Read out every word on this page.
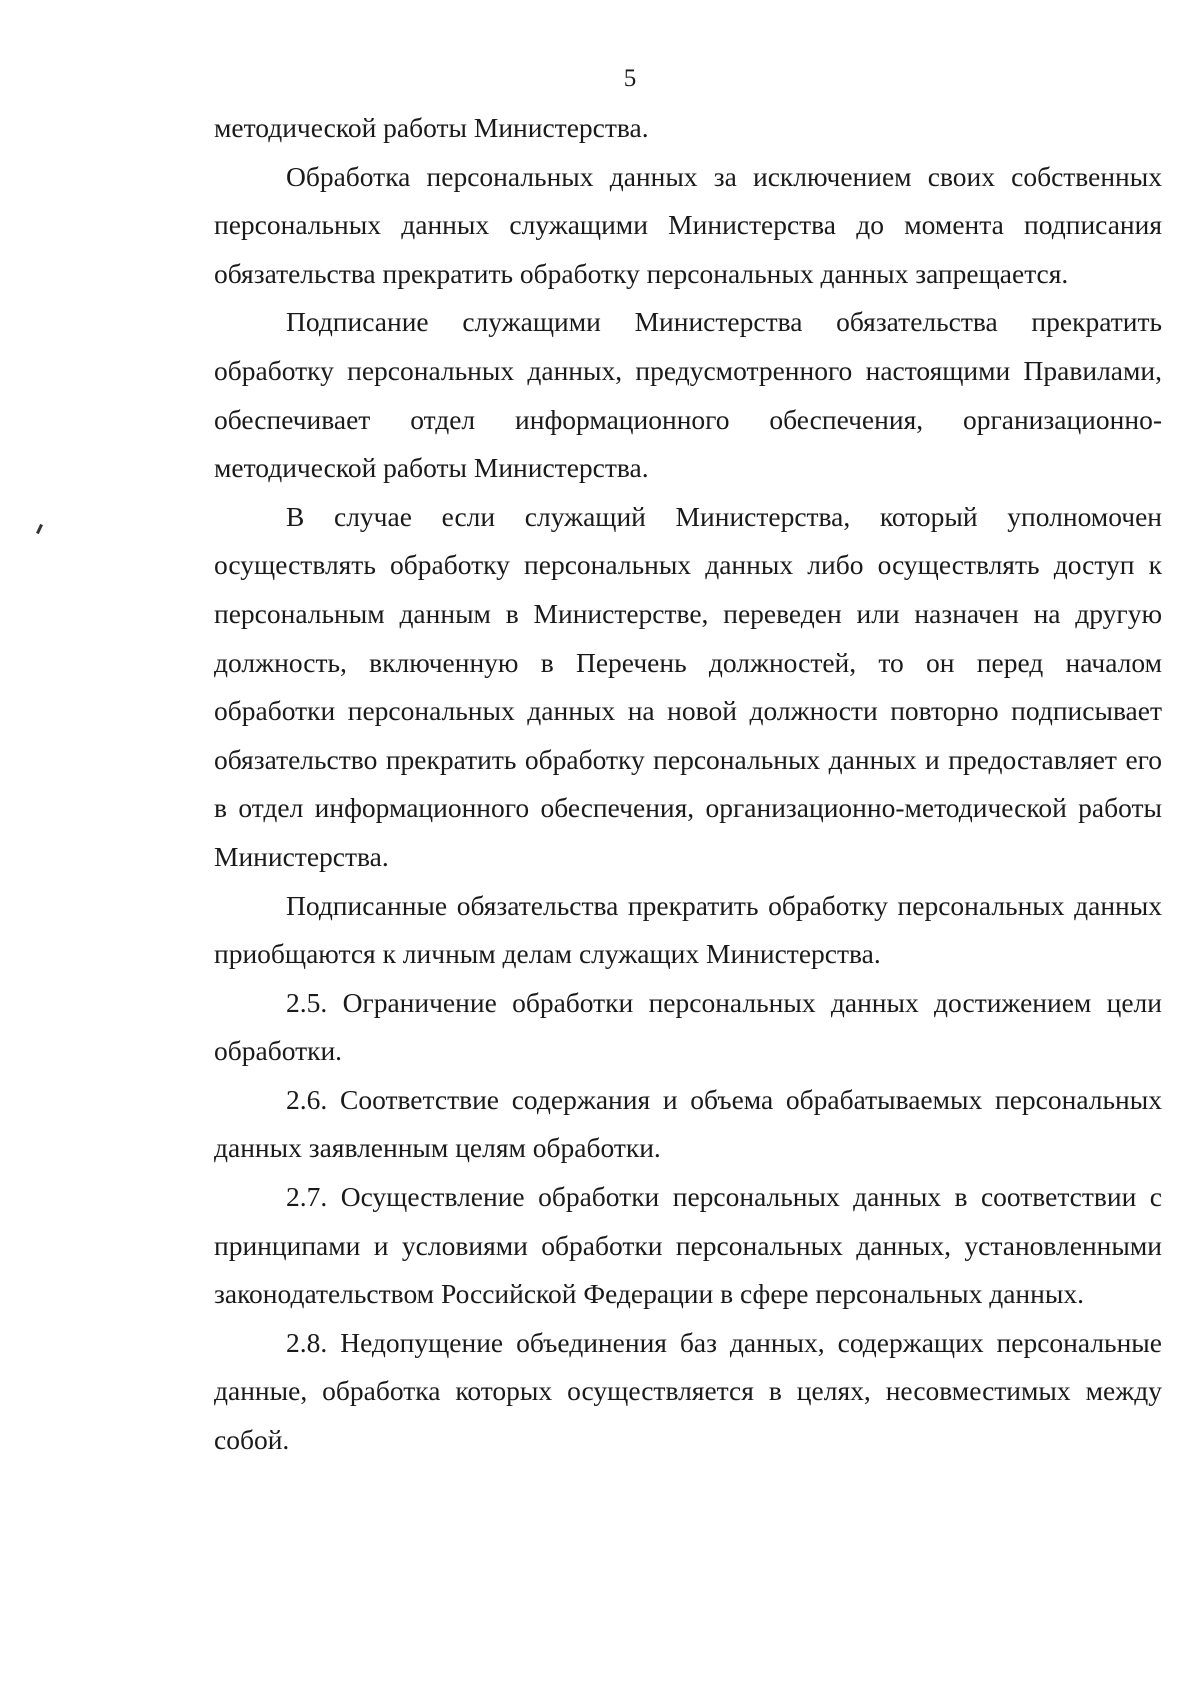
5

методической работы Министерства.

Обработка персональных данных за исключением своих собственных персональных данных служащими Министерства до момента подписания обязательства прекратить обработку персональных данных запрещается.

Подписание служащими Министерства обязательства прекратить обработку персональных данных, предусмотренного настоящими Правилами, обеспечивает отдел информационного обеспечения, организационно-методической работы Министерства.

В случае если служащий Министерства, который уполномочен осуществлять обработку персональных данных либо осуществлять доступ к персональным данным в Министерстве, переведен или назначен на другую должность, включенную в Перечень должностей, то он перед началом обработки персональных данных на новой должности повторно подписывает обязательство прекратить обработку персональных данных и предоставляет его в отдел информационного обеспечения, организационно-методической работы Министерства.

Подписанные обязательства прекратить обработку персональных данных приобщаются к личным делам служащих Министерства.

2.5. Ограничение обработки персональных данных достижением цели обработки.

2.6. Соответствие содержания и объема обрабатываемых персональных данных заявленным целям обработки.

2.7. Осуществление обработки персональных данных в соответствии с принципами и условиями обработки персональных данных, установленными законодательством Российской Федерации в сфере персональных данных.

2.8. Недопущение объединения баз данных, содержащих персональные данные, обработка которых осуществляется в целях, несовместимых между собой.
